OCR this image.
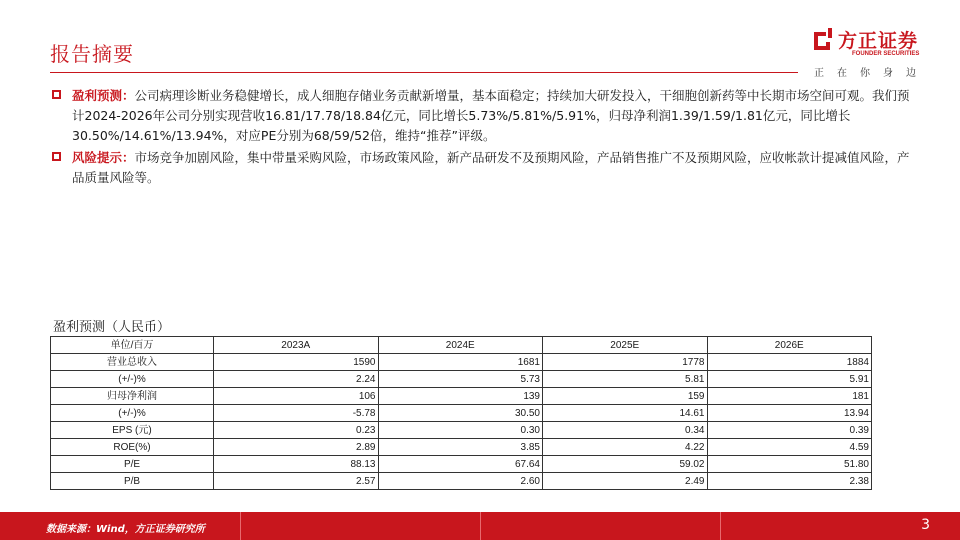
报告摘要
方正证券
FOUNDER SECURITIES
正在你身边
盈利预测：公司病理诊断业务稳健增长，成人细胞存储业务贡献新增量，基本面稳定；持续加大研发投入，干细胞创新药等中长期市场空间可观。我们预计2024-2026年公司分别实现营收16.81/17.78/18.84亿元，同比增长5.73%/5.81%/5.91%，归母净利润1.39/1.59/1.81亿元，同比增长30.50%/14.61%/13.94%，对应PE分别为68/59/52倍，维持“推荐”评级。
风险提示：市场竞争加剧风险，集中带量采购风险，市场政策风险，新产品研发不及预期风险，产品销售推广不及预期风险，应收帐款计提减值风险，产品质量风险等。
盈利预测（人民币）
单位/百万	2023A	2024E	2025E	2026E
营业总收入	1590	1681	1778	1884
(+/-)%	2.24	5.73	5.81	5.91
归母净利润	106	139	159	181
(+/-)%	-5.78	30.50	14.61	13.94
EPS (元)	0.23	0.30	0.34	0.39
ROE(%)	2.89	3.85	4.22	4.59
P/E	88.13	67.64	59.02	51.80
P/B	2.57	2.60	2.49	2.38
数据来源：Wind，方正证券研究所	3
